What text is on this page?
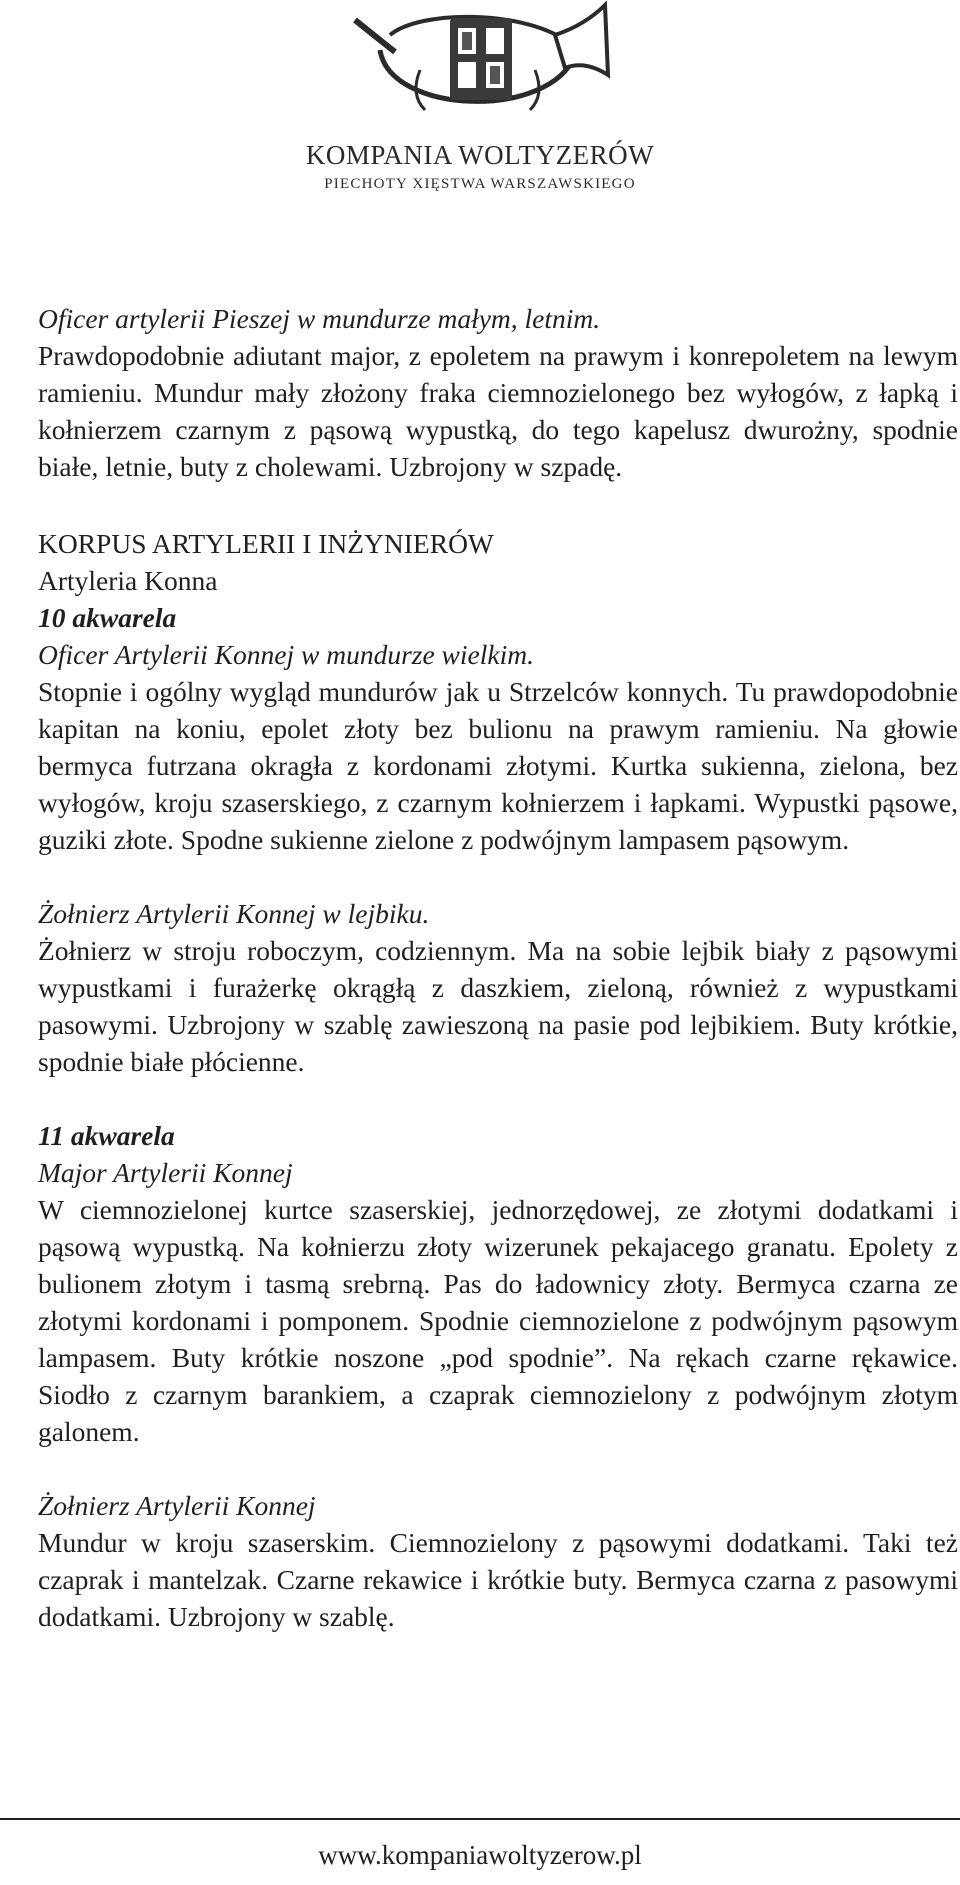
KOMPANIA WOLTYZERÓW
PIECHOTY XIĘSTWA WARSZAWSKIEGO

Oficer artylerii Pieszej w mundurze małym, letnim.

Prawdopodobnie adiutant major, z epoletem na prawym i konrepoletem na lewym ramieniu. Mundur mały złożony fraka ciemnozielonego bez wyłogów, z łapką i kołnierzem czarnym z pąsową wypustką, do tego kapelusz dwurożny, spodnie białe, letnie, buty z cholewami. Uzbrojony w szpadę.

KORPUS ARTYLERII I INŻYNIERÓW

Artyleria Konna

10 akwarela

Oficer Artylerii Konnej w mundurze wielkim.

Stopnie i ogólny wygląd mundurów jak u Strzelców konnych. Tu prawdopodobnie kapitan na koniu, epolet złoty bez bulionu na prawym ramieniu. Na głowie bermyca futrzana okragła z kordonami złotymi. Kurtka sukienna, zielona, bez wyłogów, kroju szaserskiego, z czarnym kołnierzem i łapkami. Wypustki pąsowe, guziki złote. Spodne sukienne zielone z podwójnym lampasem pąsowym.

Żołnierz Artylerii Konnej w lejbiku.

Żołnierz w stroju roboczym, codziennym. Ma na sobie lejbik biały z pąsowymi wypustkami i furażerkę okrągłą z daszkiem, zieloną, również z wypustkami pasowymi. Uzbrojony w szablę zawieszoną na pasie pod lejbikiem. Buty krótkie, spodnie białe płócienne.

11 akwarela

Major Artylerii Konnej

W ciemnozielonej kurtce szaserskiej, jednorzędowej, ze złotymi dodatkami i pąsową wypustką. Na kołnierzu złoty wizerunek pekajacego granatu. Epolety z bulionem złotym i tasmą srebrną. Pas do ładownicy złoty. Bermyca czarna ze złotymi kordonami i pomponem. Spodnie ciemnozielone z podwójnym pąsowym lampasem. Buty krótkie noszone „pod spodnie”. Na rękach czarne rękawice. Siodło z czarnym barankiem, a czaprak ciemnozielony z podwójnym złotym galonem.

Żołnierz Artylerii Konnej

Mundur w kroju szaserskim. Ciemnozielony z pąsowymi dodatkami. Taki też czaprak i mantelzak. Czarne rekawice i krótkie buty. Bermyca czarna z pasowymi dodatkami. Uzbrojony w szablę.

www.kompaniawoltyzerow.pl
